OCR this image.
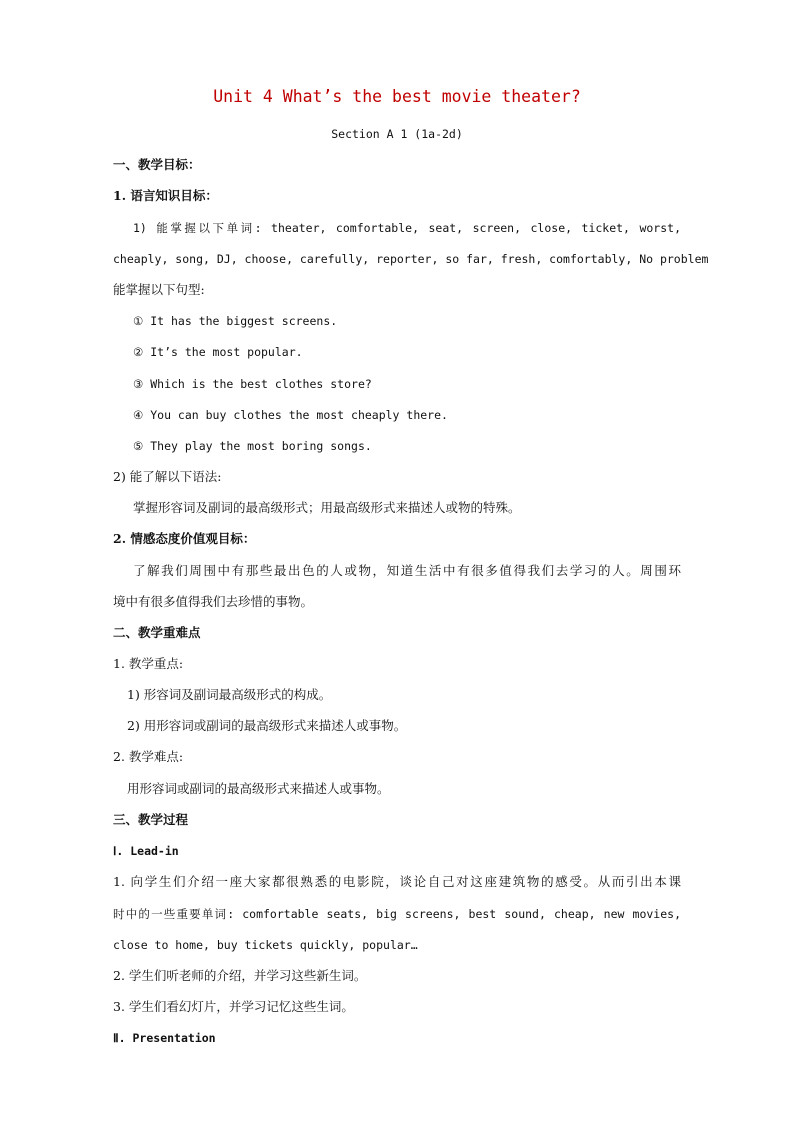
Unit 4 What’s the best movie theater?
Section A 1 (1a-2d)
一、教学目标：
1. 语言知识目标：
1) 能掌握以下单词: theater, comfortable, seat, screen, close, ticket, worst,
cheaply, song, DJ, choose, carefully, reporter, so far, fresh, comfortably, No problem
能掌握以下句型:
① It has the biggest screens.
② It’s the most popular.
③ Which is the best clothes store?
④ You can buy clothes the most cheaply there.
⑤ They play the most boring songs.
2) 能了解以下语法:
掌握形容词及副词的最高级形式；用最高级形式来描述人或物的特殊。
2. 情感态度价值观目标：
了解我们周围中有那些最出色的人或物，知道生活中有很多值得我们去学习的人。周围环
境中有很多值得我们去珍惜的事物。
二、教学重难点
1. 教学重点:
1) 形容词及副词最高级形式的构成。
2) 用形容词或副词的最高级形式来描述人或事物。
2. 教学难点:
用形容词或副词的最高级形式来描述人或事物。
三、教学过程
Ⅰ. Lead-in
1. 向学生们介绍一座大家都很熟悉的电影院，谈论自己对这座建筑物的感受。从而引出本课
时中的一些重要单词: comfortable seats, big screens, best sound, cheap, new movies,
close to home, buy tickets quickly, popular…
2. 学生们听老师的介绍，并学习这些新生词。
3. 学生们看幻灯片，并学习记忆这些生词。
Ⅱ. Presentation
